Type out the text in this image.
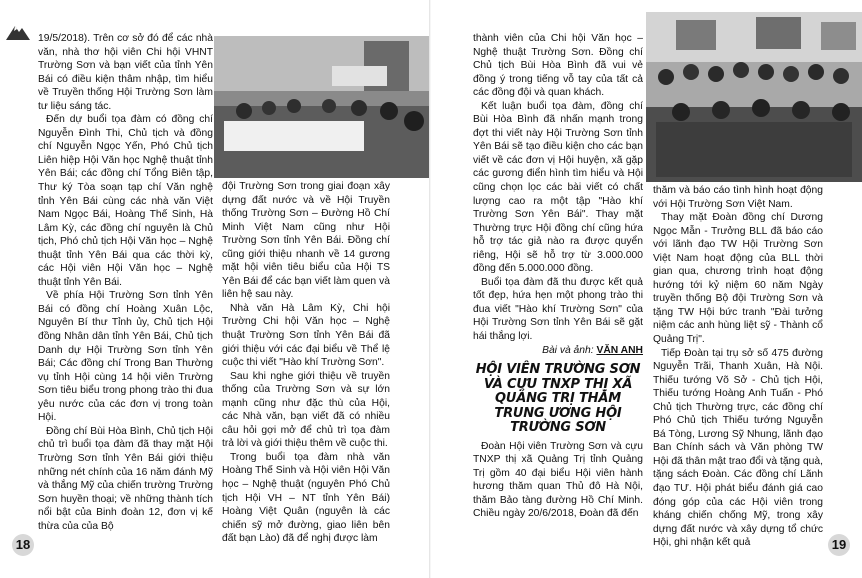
19/5/2018). Trên cơ sở đó để các nhà văn, nhà thơ hội viên Chi hội VHNT Trường Sơn và bạn viết của tỉnh Yên Bái có điều kiện thâm nhập, tìm hiểu về Truyền thống Hội Trường Sơn làm tư liệu sáng tác.

Đến dự buổi tọa đàm có đồng chí Nguyễn Đình Thi, Chủ tịch và đồng chí Nguyễn Ngọc Yến, Phó Chủ tịch Liên hiệp Hội Văn học Nghệ thuật tỉnh Yên Bái; các đồng chí Tổng Biên tập, Thư ký Tòa soạn tạp chí Văn nghệ tỉnh Yên Bái cùng các nhà văn Việt Nam Ngọc Bái, Hoàng Thế Sinh, Hà Lâm Kỳ, các đồng chí nguyên là Chủ tịch, Phó chủ tịch Hội Văn học – Nghệ thuật tỉnh Yên Bái qua các thời kỳ, các Hội viên Hội Văn học – Nghệ thuật tỉnh Yên Bái.

Về phía Hội Trường Sơn tỉnh Yên Bái có đồng chí Hoàng Xuân Lộc, Nguyên Bí thư Tỉnh ủy, Chủ tịch Hội đồng Nhân dân tỉnh Yên Bái, Chủ tịch Danh dự Hội Trường Sơn tỉnh Yên Bái; Các đồng chí Trong Ban Thường vụ tỉnh Hội cùng 14 hội viên Trường Sơn tiêu biểu trong phong trào thi đua yêu nước của các đơn vị trong toàn Hội.

Đồng chí Bùi Hòa Bình, Chủ tịch Hội chủ trì buổi tọa đàm đã thay mặt Hội Trường Sơn tỉnh Yên Bái giới thiệu những nét chính của 16 năm đánh Mỹ và thắng Mỹ của chiến trường Trường Sơn huyền thoại; về những thành tích nổi bật của Binh đoàn 12, đơn vị kế thừa của của Bộ

đội Trường Sơn trong giai đoạn xây dựng đất nước và về Hội Truyền thống Trường Sơn – Đường Hồ Chí Minh Việt Nam cũng như Hội Trường Sơn tỉnh Yên Bái. Đồng chí cũng giới thiệu nhanh về 14 gương mặt hội viên tiêu biểu của Hội TS Yên Bái để các bạn viết làm quen và liên hệ sau này.

Nhà văn Hà Lâm Kỳ, Chi hội Trường Chi hội Văn học – Nghệ thuật Trường Sơn tỉnh Yên Bái đã giới thiệu với các đại biểu về Thể lệ cuộc thi viết "Hào khí Trường Sơn".

Sau khi nghe giới thiệu về truyền thống của Trường Sơn và sự lớn mạnh cũng như đặc thù của Hội, các Nhà văn, bạn viết đã có nhiều câu hỏi gợi mở để chủ trì tọa đàm trả lời và giới thiệu thêm về cuộc thi.

Trong buổi tọa đàm nhà văn Hoàng Thế Sinh và Hội viên Hội Văn học – Nghệ thuật (nguyên Phó Chủ tịch Hội VH – NT tỉnh Yên Bái) Hoàng Việt Quân (nguyên là các chiến sỹ mở đường, giao liên bên đất bạn Lào) đã để nghị được làm

18

thành viên của Chi hội Văn học – Nghệ thuật Trường Sơn. Đồng chí Chủ tịch Bùi Hòa Bình đã vui vẻ đồng ý trong tiếng vỗ tay của tất cả các đồng đội và quan khách.

Kết luận buổi tọa đàm, đồng chí Bùi Hòa Bình đã nhấn mạnh trong đợt thi viết này Hội Trường Sơn tỉnh Yên Bái sẽ tạo điều kiện cho các bạn viết về các đơn vị Hội huyện, xã gặp các gương điển hình tìm hiểu và Hội cũng chọn lọc các bài viết có chất lượng cao ra một tập "Hào khí Trường Sơn Yên Bái". Thay mặt Thường trực Hội đồng chí cũng hứa hỗ trợ tác giả nào ra được quyển riêng, Hội sẽ hỗ trợ từ 3.000.000 đồng đến 5.000.000 đồng.

Buổi tọa đàm đã thu được kết quả tốt đẹp, hứa hẹn một phong trào thi đua viết "Hào khí Trường Sơn" của Hội Trường Sơn tỉnh Yên Bái sẽ gặt hái thắng lợi.

Bài và ảnh: VĂN ANH

HỘI VIÊN TRƯỜNG SƠN VÀ CỰU TNXP THỊ XÃ QUẢNG TRỊ THĂM TRUNG ƯƠNG HỘI TRƯỜNG SƠN

Đoàn Hội viên Trường Sơn và cựu TNXP thị xã Quảng Trị tỉnh Quảng Trị gồm 40 đại biểu Hội viên hành hương thăm quan Thủ đô Hà Nội, thăm Bảo tàng đường Hồ Chí Minh. Chiều ngày 20/6/2018, Đoàn đã đến

thăm và báo cáo tình hình hoạt động với Hội Trường Sơn Việt Nam.

Thay mặt Đoàn đồng chí Dương Ngọc Mẫn - Trưởng BLL đã báo cáo với lãnh đạo TW Hội Trường Sơn Việt Nam hoạt động của BLL thời gian qua, chương trình hoạt động hướng tới kỷ niệm 60 năm Ngày truyền thống Bộ đội Trường Sơn và tặng TW Hội bức tranh "Đài tưởng niệm các anh hùng liệt sỹ - Thành cổ Quảng Trị".

Tiếp Đoàn tại trụ sở số 475 đường Nguyễn Trãi, Thanh Xuân, Hà Nội. Thiếu tướng Võ Sở - Chủ tịch Hội, Thiếu tướng Hoàng Anh Tuấn - Phó Chủ tịch Thường trực, các đồng chí Phó Chủ tịch Thiếu tướng Nguyễn Bá Tòng, Lương Sỹ Nhung, lãnh đạo Ban Chính sách và Văn phòng TW Hội đã thân mật trao đổi và tặng quà, tặng sách Đoàn. Các đồng chí Lãnh đạo TƯ. Hội phát biểu đánh giá cao đóng góp của các Hội viên trong kháng chiến chống Mỹ, trong xây dựng đất nước và xây dựng tổ chức Hội, ghi nhận kết quả	19
